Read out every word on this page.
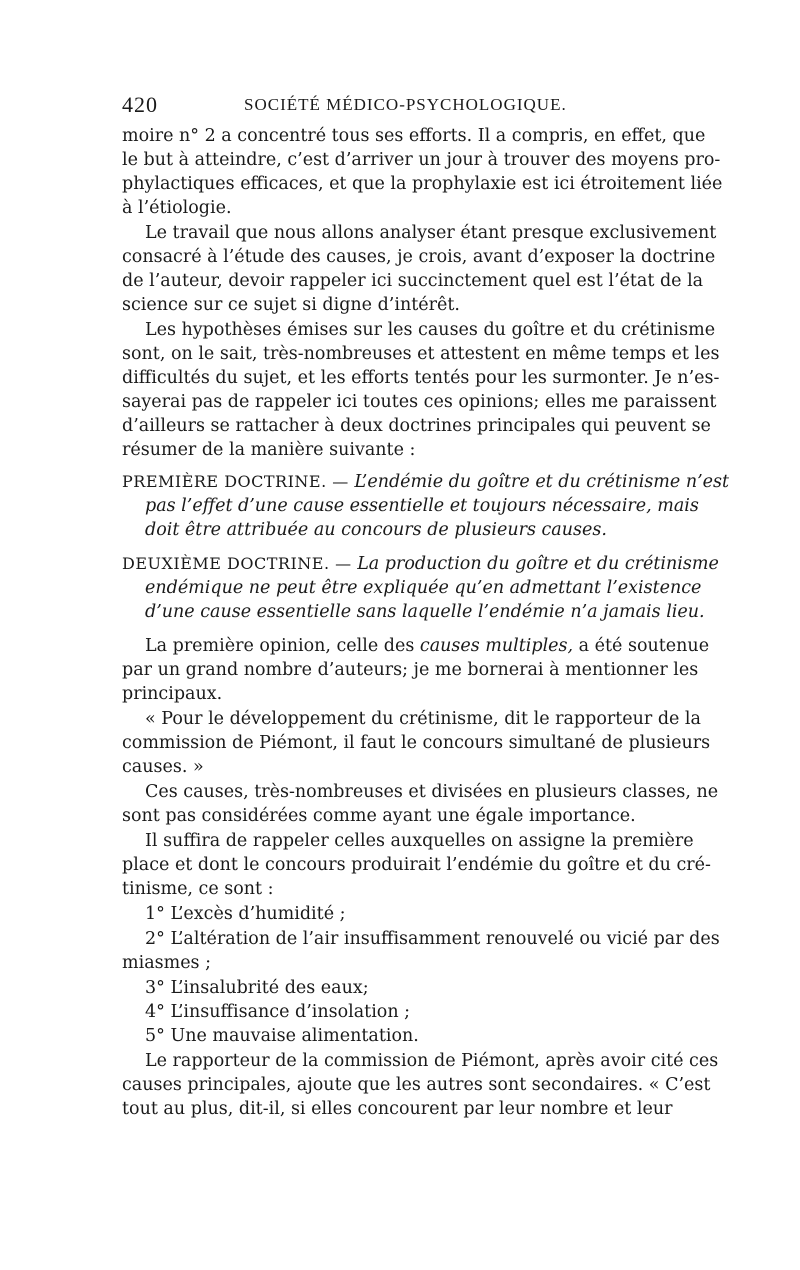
420	SOCIÉTÉ MÉDICO-PSYCHOLOGIQUE.
moire n° 2 a concentré tous ses efforts. Il a compris, en effet, que
le but à atteindre, c’est d’arriver un jour à trouver des moyens pro-
phylactiques efficaces, et que la prophylaxie est ici étroitement liée
à l’étiologie.
Le travail que nous allons analyser étant presque exclusivement
consacré à l’étude des causes, je crois, avant d’exposer la doctrine
de l’auteur, devoir rappeler ici succinctement quel est l’état de la
science sur ce sujet si digne d’intérêt.
Les hypothèses émises sur les causes du goître et du crétinisme
sont, on le sait, très-nombreuses et attestent en même temps et les
difficultés du sujet, et les efforts tentés pour les surmonter. Je n’es-
sayerai pas de rappeler ici toutes ces opinions; elles me paraissent
d’ailleurs se rattacher à deux doctrines principales qui peuvent se
résumer de la manière suivante :
PREMIÈRE DOCTRINE. — L’endémie du goître et du crétinisme n’est
pas l’effet d’une cause essentielle et toujours nécessaire, mais
doit être attribuée au concours de plusieurs causes.
DEUXIÈME DOCTRINE. — La production du goître et du crétinisme
endémique ne peut être expliquée qu’en admettant l’existence
d’une cause essentielle sans laquelle l’endémie n’a jamais lieu.
La première opinion, celle des causes multiples, a été soutenue
par un grand nombre d’auteurs; je me bornerai à mentionner les
principaux.
« Pour le développement du crétinisme, dit le rapporteur de la
commission de Piémont, il faut le concours simultané de plusieurs
causes. »
Ces causes, très-nombreuses et divisées en plusieurs classes, ne
sont pas considérées comme ayant une égale importance.
Il suffira de rappeler celles auxquelles on assigne la première
place et dont le concours produirait l’endémie du goître et du cré-
tinisme, ce sont :
1° L’excès d’humidité ;
2° L’altération de l’air insuffisamment renouvelé ou vicié par des
miasmes ;
3° L’insalubrité des eaux;
4° L’insuffisance d’insolation ;
5° Une mauvaise alimentation.
Le rapporteur de la commission de Piémont, après avoir cité ces
causes principales, ajoute que les autres sont secondaires. « C’est
tout au plus, dit-il, si elles concourent par leur nombre et leur
